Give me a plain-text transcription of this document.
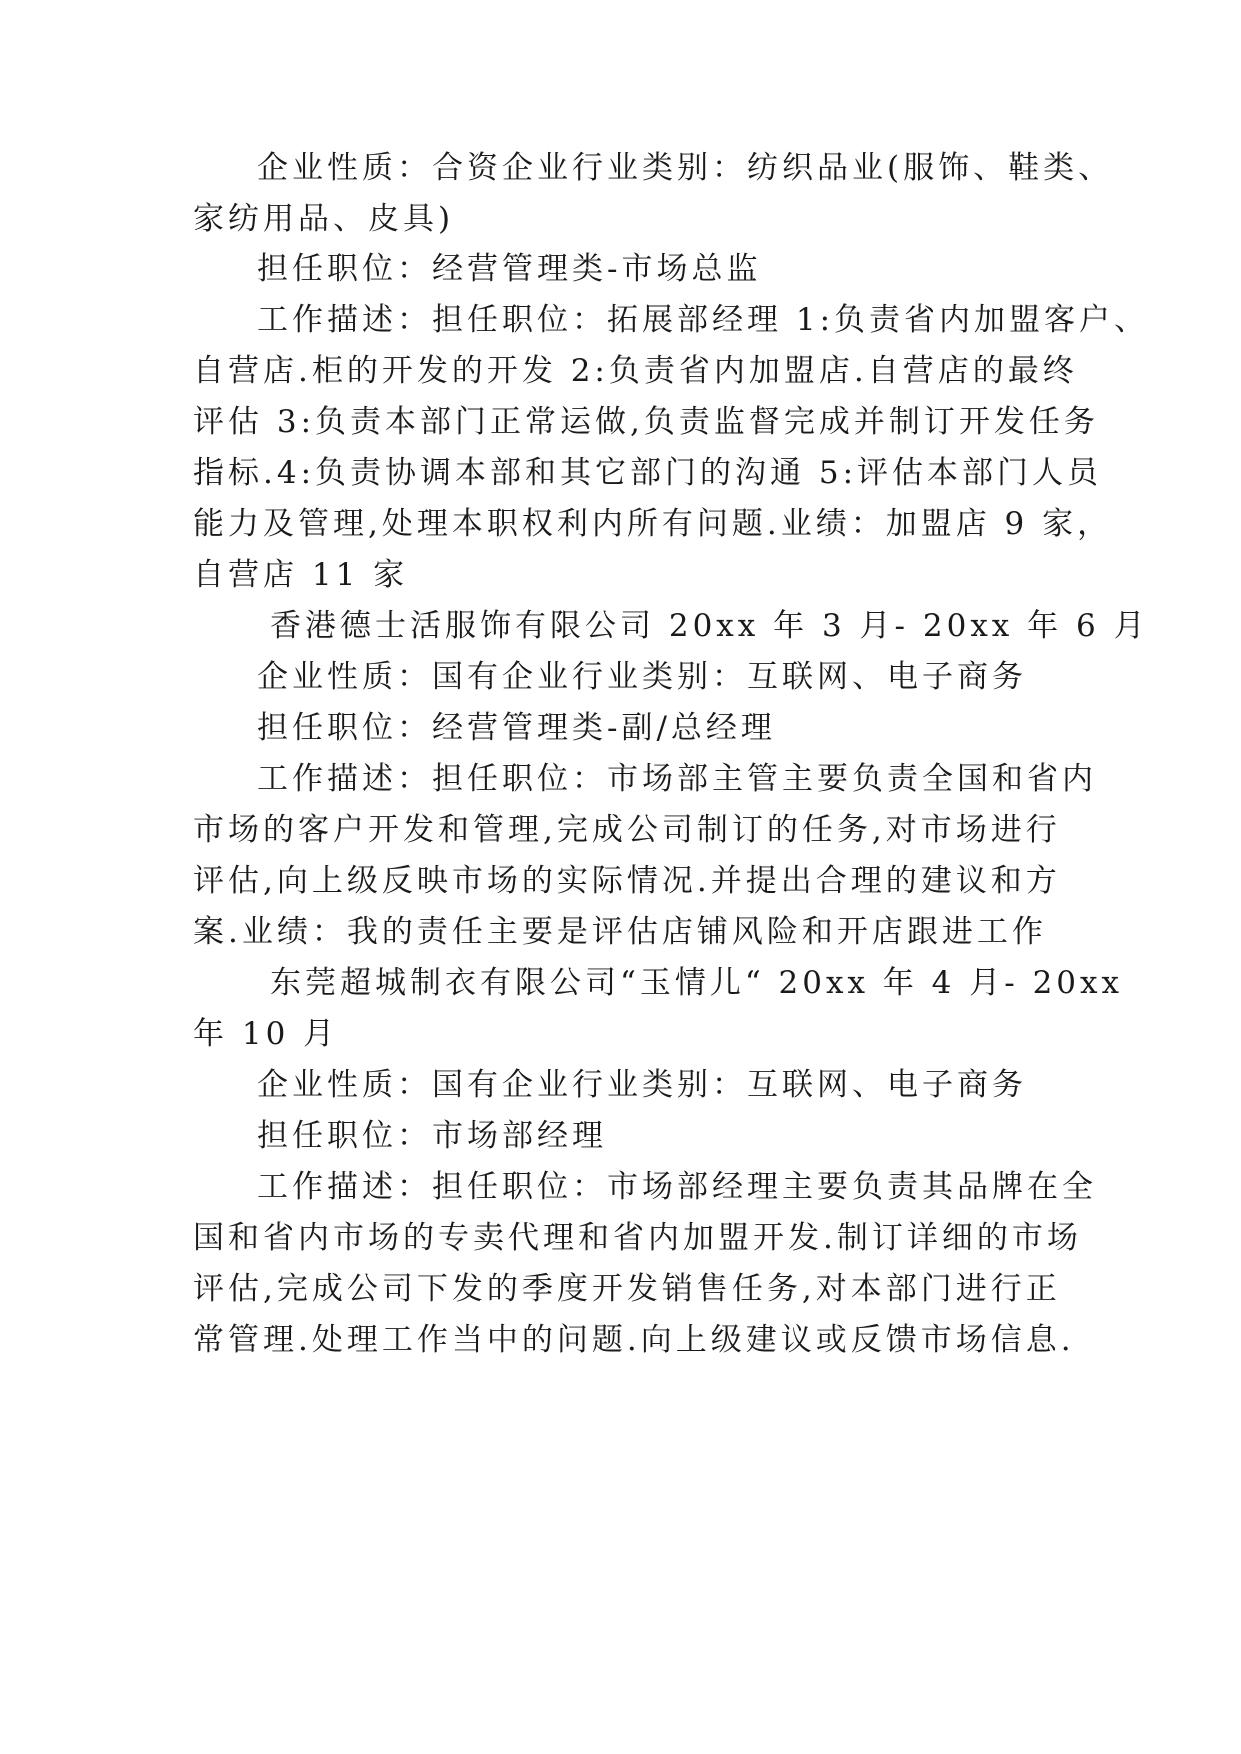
企业性质：合资企业行业类别：纺织品业(服饰、鞋类、
家纺用品、皮具)
担任职位：经营管理类-市场总监
工作描述：担任职位：拓展部经理 1:负责省内加盟客户、
自营店.柜的开发的开发 2:负责省内加盟店.自营店的最终
评估 3:负责本部门正常运做,负责监督完成并制订开发任务
指标.4:负责协调本部和其它部门的沟通 5:评估本部门人员
能力及管理,处理本职权利内所有问题.业绩：加盟店 9 家，
自营店 11 家
香港德士活服饰有限公司 20xx 年 3 月- 20xx 年 6 月
企业性质：国有企业行业类别：互联网、电子商务
担任职位：经营管理类-副/总经理
工作描述：担任职位：市场部主管主要负责全国和省内
市场的客户开发和管理,完成公司制订的任务,对市场进行
评估,向上级反映市场的实际情况.并提出合理的建议和方
案.业绩：我的责任主要是评估店铺风险和开店跟进工作
东莞超城制衣有限公司“玉情儿“ 20xx 年 4 月- 20xx
年 10 月
企业性质：国有企业行业类别：互联网、电子商务
担任职位：市场部经理
工作描述：担任职位：市场部经理主要负责其品牌在全
国和省内市场的专卖代理和省内加盟开发.制订详细的市场
评估,完成公司下发的季度开发销售任务,对本部门进行正
常管理.处理工作当中的问题.向上级建议或反馈市场信息.
